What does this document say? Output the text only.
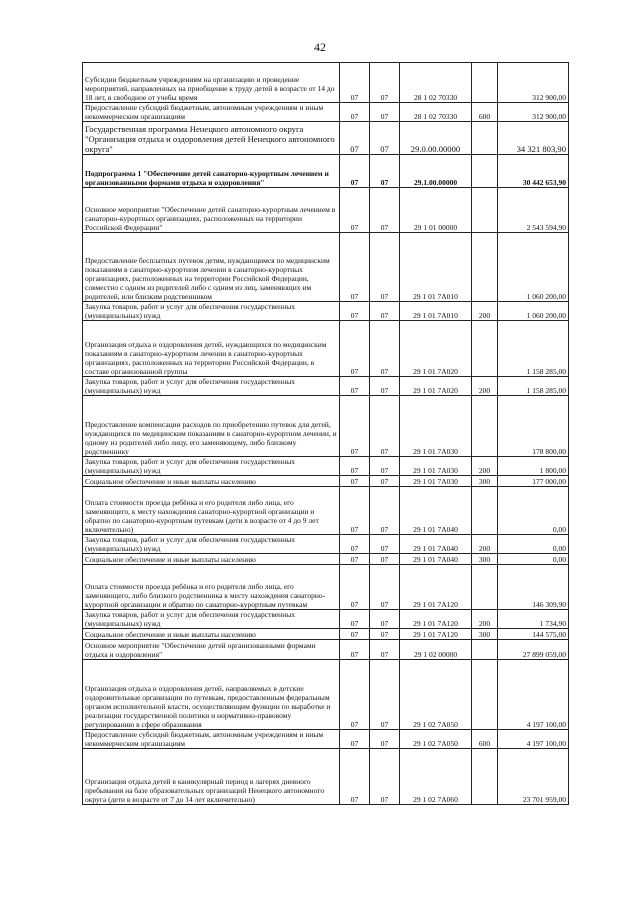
42
Субсидии бюджетным учреждениям на организацию и проведение мероприятий, направленных на приобщение к труду детей в возрасте от 14 до 18 лет, в свободное от учебы время	07	07	28 1 02 70330		312 900,00
Предоставление субсидий бюджетным, автономным учреждениям и иным некоммерческим организациям	07	07	28 1 02 70330	600	312 900,00
Государственная программа Ненецкого автономного округа "Организация отдыха и оздоровления детей Ненецкого автономного округа"	07	07	29.0.00.00000		34 321 803,90
Подпрограмма 1 "Обеспечение детей санаторно-курортным лечением и организованными формами отдыха и оздоровления"	07	07	29.1.00.00000		30 442 653,90
Основное мероприятие "Обеспечение детей санаторно-курортным лечением в санаторно-курортных организациях, расположенных на территории Российской Федерации"	07	07	29 1 01 00000		2 543 594,90
Предоставление бесплатных путевок детям, нуждающимся по медицинским показаниям в санаторно-курортном лечении в санаторно-курортных организациях, расположенных на территории Российской Федерации, совместно с одним из родителей либо с одним из лиц, заменяющих им родителей, или близким родственником	07	07	29 1 01 7А010		1 060 200,00
Закупка товаров, работ и услуг для обеспечения государственных (муниципальных) нужд	07	07	29 1 01 7А010	200	1 060 200,00
Организация отдыха и оздоровления детей, нуждающихся по медицинским показаниям в санаторно-курортном лечении в санаторно-курортных организациях, расположенных на территории Российской Федерации, в составе организованной группы	07	07	29 1 01 7А020		1 158 285,00
Закупка товаров, работ и услуг для обеспечения государственных (муниципальных) нужд	07	07	29 1 01 7А020	200	1 158 285,00
Предоставление компенсации расходов по приобретению путевок для детей, нуждающихся по медицинским показаниям в санаторно-курортном лечении, и одному из родителей либо лицу, его заменяющему, либо близкому родственнику	07	07	29 1 01 7А030		178 800,00
Закупка товаров, работ и услуг для обеспечения государственных (муниципальных) нужд	07	07	29 1 01 7А030	200	1 800,00
Социальное обеспечение и иные выплаты населению	07	07	29 1 01 7А030	300	177 000,00
Оплата стоимости проезда ребёнка и его родителя либо лица, его заменяющего, к месту нахождения санаторно-курортной организации и обратно по санаторно-курортным путевкам (дети в возрасте от 4 до 9 лет включительно)	07	07	29 1 01 7А040		0,00
Закупка товаров, работ и услуг для обеспечения государственных (муниципальных) нужд	07	07	29 1 01 7А040	200	0,00
Социальное обеспечение и иные выплаты населению	07	07	29 1 01 7А040	300	0,00
Оплата стоимости проезда ребёнка и его родителя либо лица, его заменяющего, либо близкого родственника к месту нахождения санаторно-курортной организации и обратно по санаторно-курортным путевкам	07	07	29 1 01 7А120		146 309,90
Закупка товаров, работ и услуг для обеспечения государственных (муниципальных) нужд	07	07	29 1 01 7А120	200	1 734,90
Социальное обеспечение и иные выплаты населению	07	07	29 1 01 7А120	300	144 575,00
Основное мероприятие "Обеспечение детей организованными формами отдыха и оздоровления"	07	07	29 1 02 00000		27 899 059,00
Организация отдыха и оздоровления детей, направляемых в детские оздоровительные организации по путевкам, предоставленным федеральным органом исполнительной власти, осуществляющим функции по выработке и реализации государственной политики и нормативно-правовому регулированию в сфере образования	07	07	29 1 02 7А050		4 197 100,00
Предоставление субсидий бюджетным, автономным учреждениям и иным некоммерческим организациям	07	07	29 1 02 7А050	600	4 197 100,00
Организация отдыха детей в каникулярный период в лагерях дневного пребывания на базе образовательных организаций Ненецкого автономного округа (дети в возрасте от 7 до 14 лет включительно)	07	07	29 1 02 7А060		23 701 959,00
